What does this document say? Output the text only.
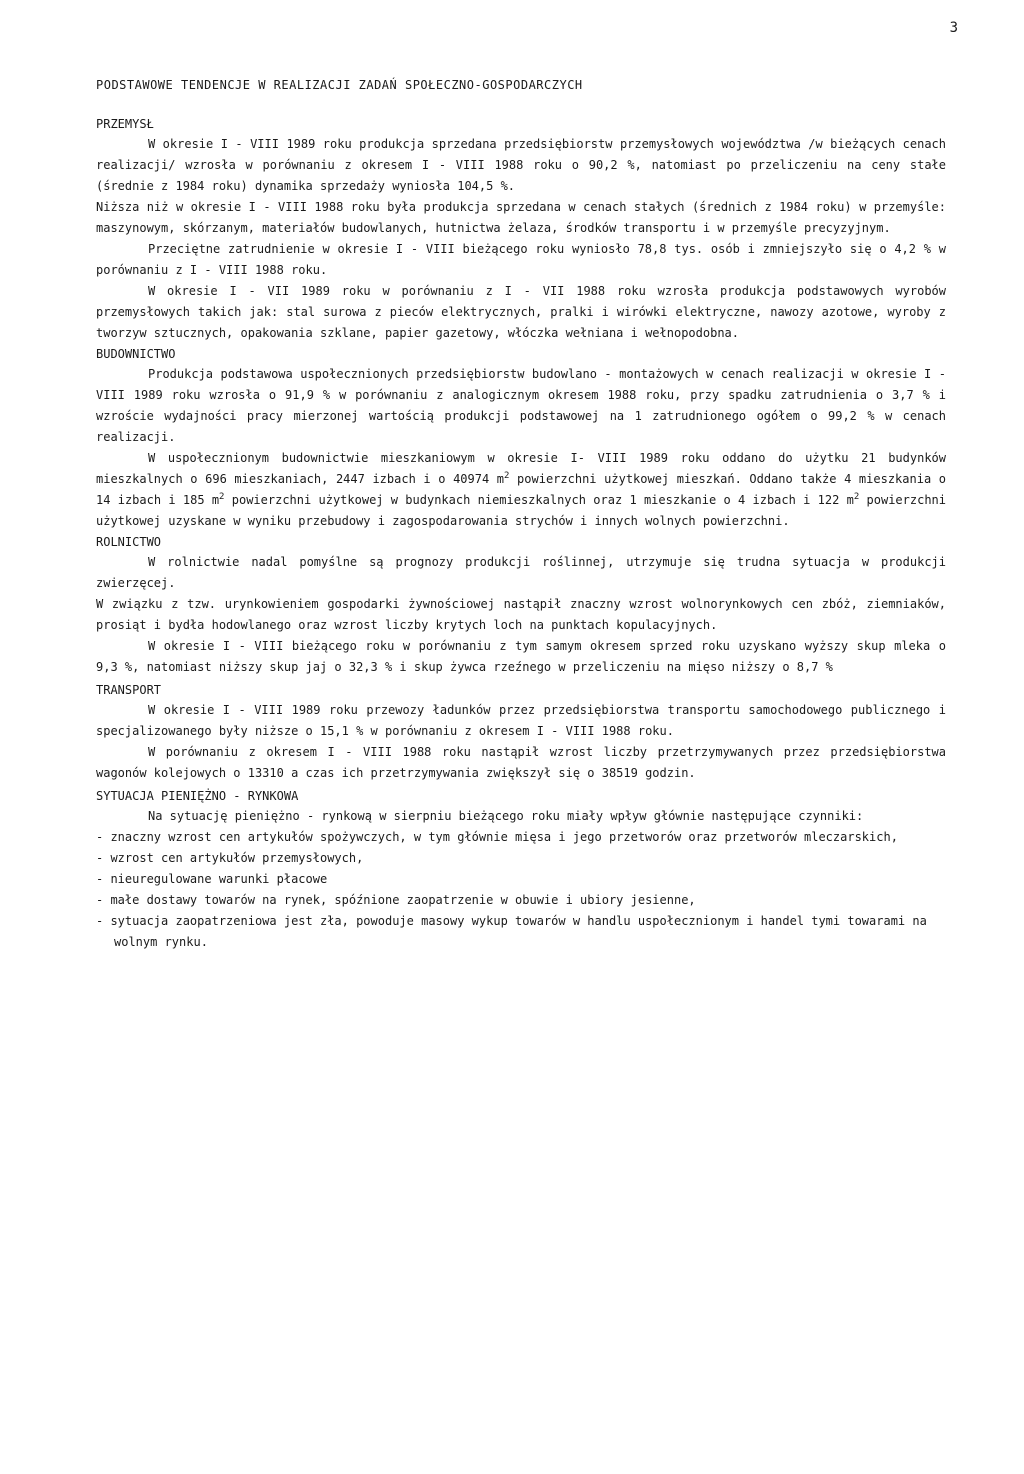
3
PODSTAWOWE TENDENCJE W REALIZACJI ZADAŃ SPOŁECZNO-GOSPODARCZYCH
PRZEMYSŁ

W okresie I - VIII 1989 roku produkcja sprzedana przedsiębiorstw przemysłowych województwa /w bieżących cenach realizacji/ wzrosła w porównaniu z okresem I - VIII 1988 roku o 90,2 %, natomiast po przeliczeniu na ceny stałe (średnie z 1984 roku) dynamika sprzedaży wyniosła 104,5 %.

Niższa niż w okresie I - VIII 1988 roku była produkcja sprzedana w cenach stałych (średnich z 1984 roku) w przemyśle: maszynowym, skórzanym, materiałów budowlanych, hutnictwa żelaza, środków transportu i w przemyśle precyzyjnym.

Przeciętne zatrudnienie w okresie I - VIII bieżącego roku wyniosło 78,8 tys. osób i zmniejszyło się o 4,2 % w porównaniu z I - VIII 1988 roku.

W okresie I - VII 1989 roku w porównaniu z I - VII 1988 roku wzrosła produkcja podstawowych wyrobów przemysłowych takich jak: stal surowa z pieców elektrycznych, pralki i wirówki elektryczne, nawozy azotowe, wyroby z tworzyw sztucznych, opakowania szklane, papier gazetowy, włóczka wełniana i wełnopodobna.

BUDOWNICTWO

Produkcja podstawowa uspołecznionych przedsiębiorstw budowlano - montażowych w cenach realizacji w okresie I - VIII 1989 roku wzrosła o 91,9 % w porównaniu z analogicznym okresem 1988 roku, przy spadku zatrudnienia o 3,7 % i wzroście wydajności pracy mierzonej wartością produkcji podstawowej na 1 zatrudnionego ogółem o 99,2 % w cenach realizacji.

W uspołecznionym budownictwie mieszkaniowym w okresie I- VIII 1989 roku oddano do użytku 21 budynków mieszkalnych o 696 mieszkaniach, 2447 izbach i o 40974 $m^2$ powierzchni użytkowej mieszkań. Oddano także 4 mieszkania o 14 izbach i 185 $m^2$ powierzchni użytkowej w budynkach niemieszkalnych oraz 1 mieszkanie o 4 izbach i 122 $m^2$ powierzchni użytkowej uzyskane w wyniku przebudowy i zagospodarowania strychów i innych wolnych powierzchni.

ROLNICTWO

W rolnictwie nadal pomyślne są prognozy produkcji roślinnej, utrzymuje się trudna sytuacja w produkcji zwierzęcej.

W związku z tzw. urynkowieniem gospodarki żywnościowej nastąpił znaczny wzrost wolnorynkowych cen zbóż, ziemniaków, prosiąt i bydła hodowlanego oraz wzrost liczby krytych loch na punktach kopulacyjnych.

W okresie I - VIII bieżącego roku w porównaniu z tym samym okresem sprzed roku uzyskano wyższy skup mleka o 9,3 %, natomiast niższy skup jaj o 32,3 % i skup żywca rzeźnego w przeliczeniu na mięso niższy o 8,7 %

TRANSPORT

W okresie I - VIII 1989 roku przewozy ładunków przez przedsiębiorstwa transportu samochodowego publicznego i specjalizowanego były niższe o 15,1 % w porównaniu z okresem I - VIII 1988 roku.

W porównaniu z okresem I - VIII 1988 roku nastąpił wzrost liczby przetrzymywanych przez przedsiębiorstwa wagonów kolejowych o 13310 a czas ich przetrzymywania zwiększył się o 38519 godzin.

SYTUACJA PIENIĘŻNO - RYNKOWA

Na sytuację pieniężno - rynkową w sierpniu bieżącego roku miały wpływ głównie następujące czynniki:

- znaczny wzrost cen artykułów spożywczych, w tym głównie mięsa i jego przetworów oraz przetworów mleczarskich,
- wzrost cen artykułów przemysłowych,
- nieuregulowane warunki płacowe
- małe dostawy towarów na rynek, spóźnione zaopatrzenie w obuwie i ubiory jesienne,
- sytuacja zaopatrzeniowa jest zła, powoduje masowy wykup towarów w handlu uspołecznionym i handel tymi towarami na wolnym rynku.
